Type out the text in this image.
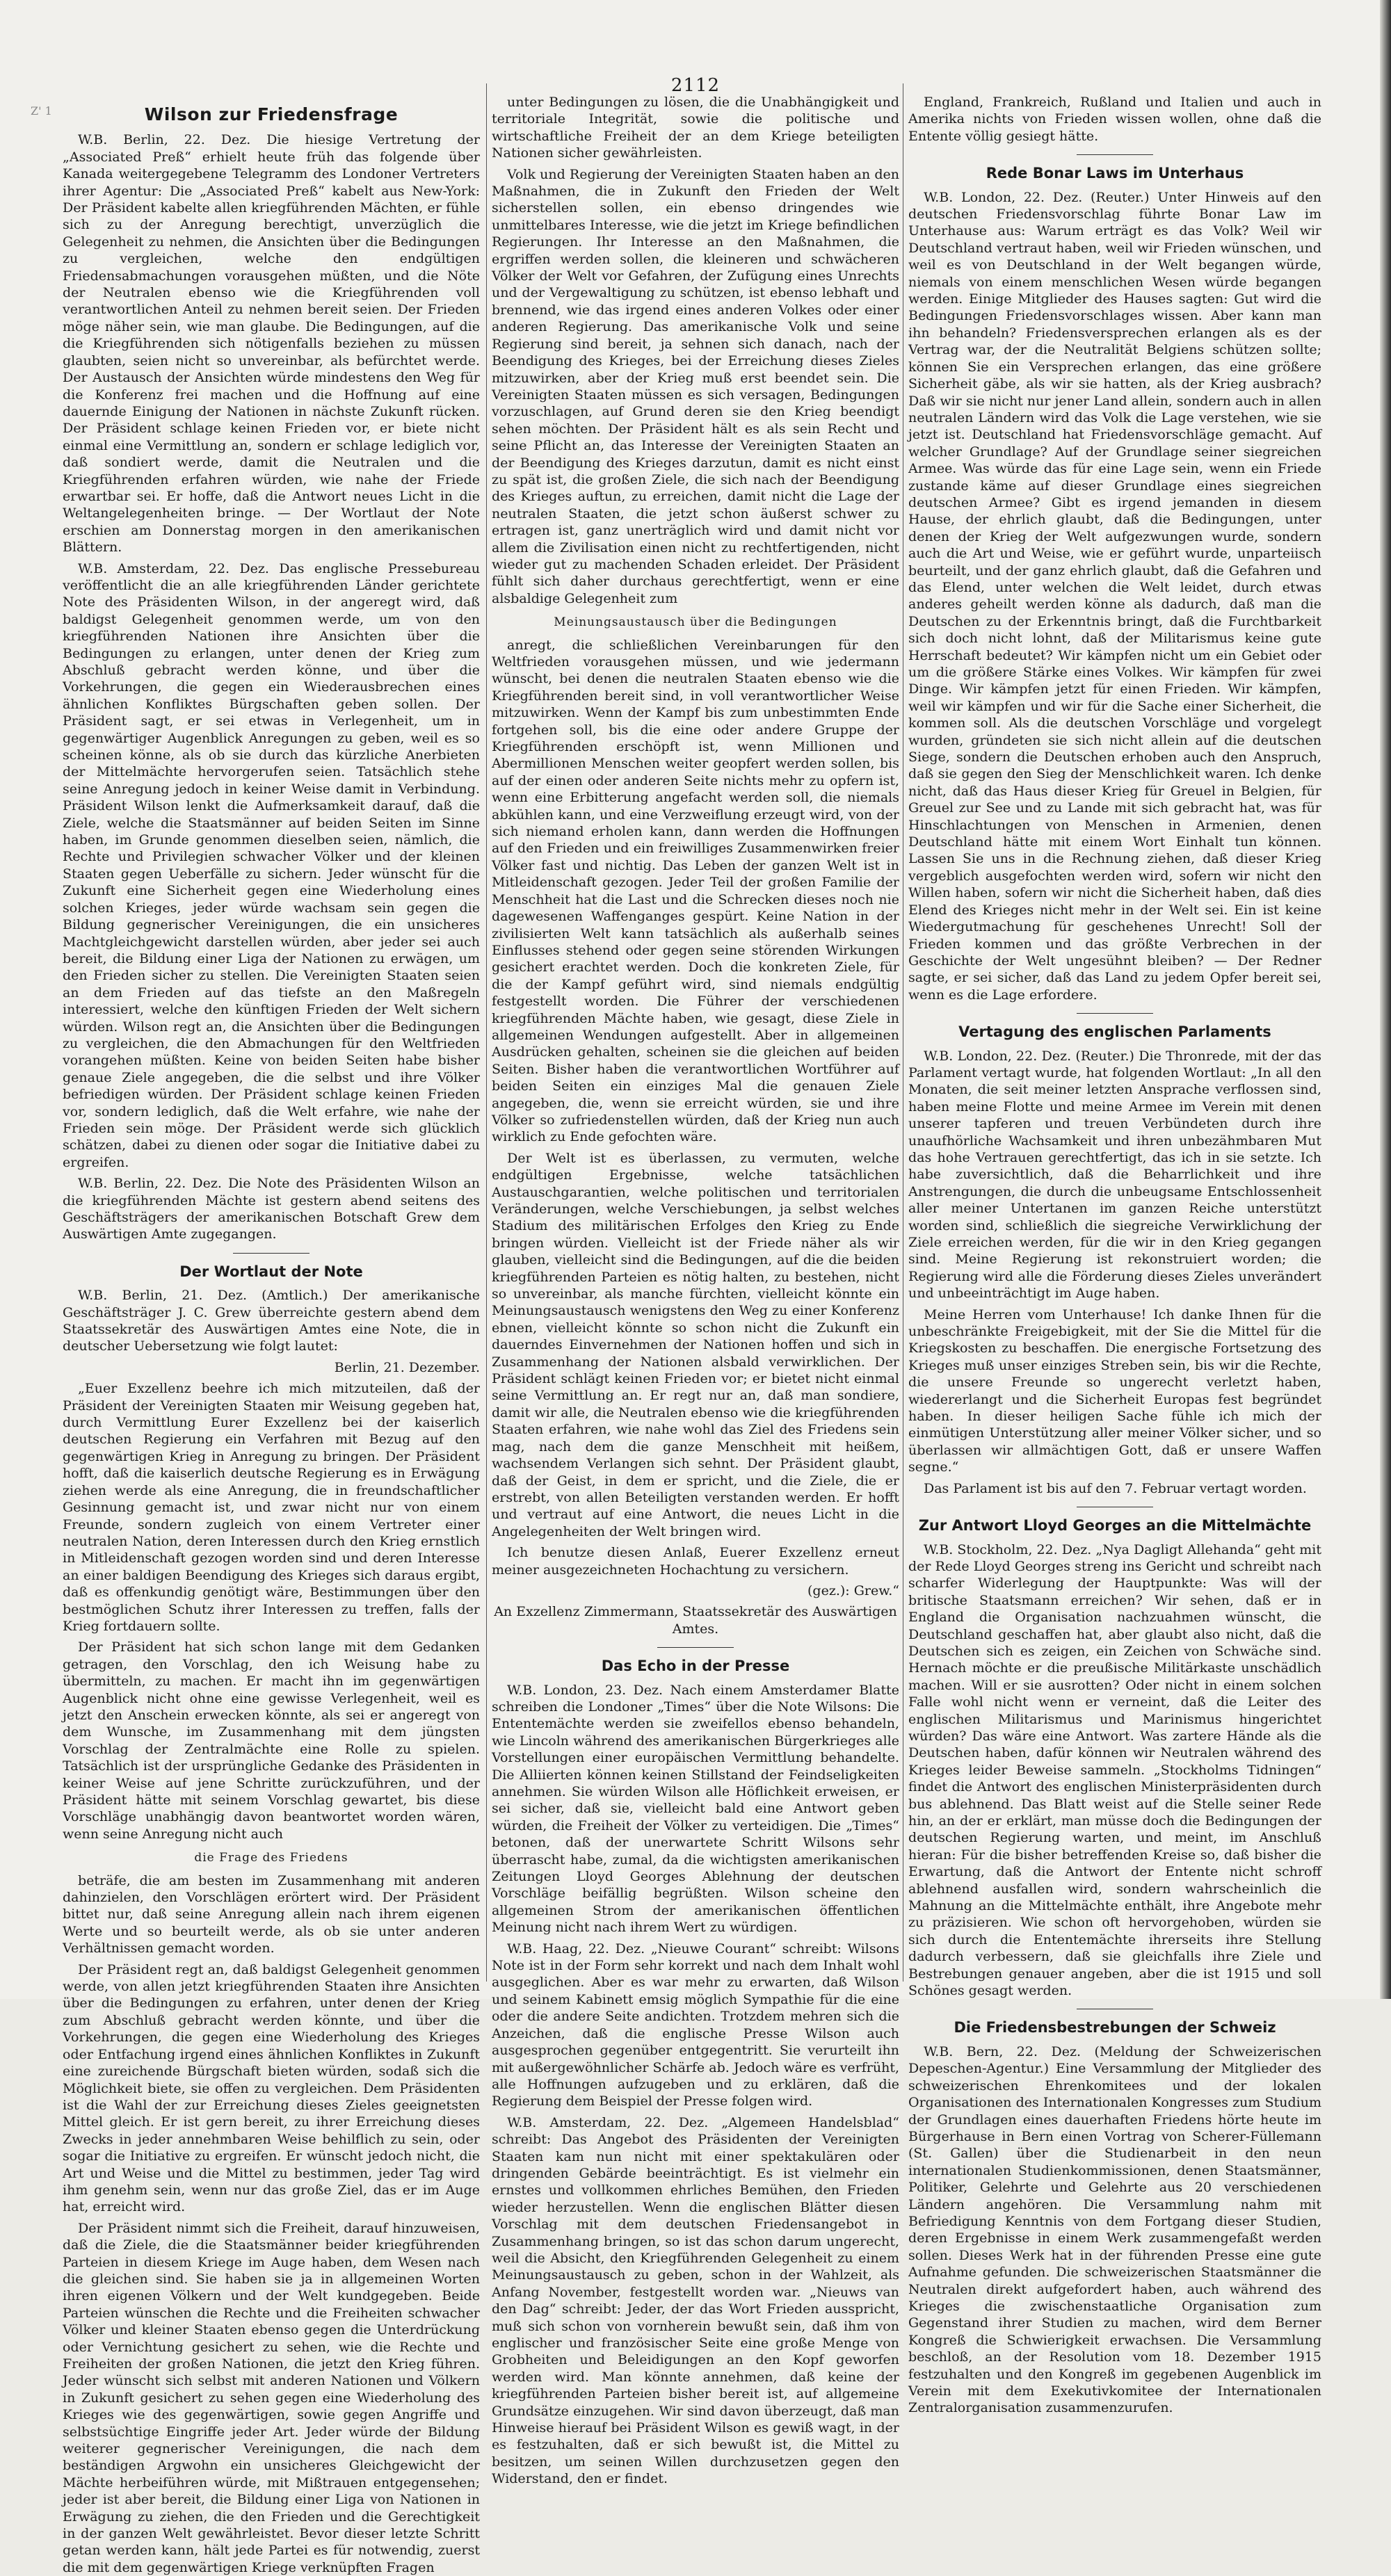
Z' 1
2112
Wilson zur Friedensfrage

W.B. Berlin, 22. Dez. Die hiesige Vertretung der „Associated Preß“ erhielt heute früh das folgende über Kanada weitergegebene Telegramm des Londoner Vertreters ihrer Agentur: Die „Associated Preß“ kabelt aus New-York: Der Präsident kabelte allen kriegführenden Mächten, er fühle sich zu der Anregung berechtigt, unverzüglich die Gelegenheit zu nehmen, die Ansichten über die Bedingungen zu vergleichen, welche den endgültigen Friedensabmachungen vorausgehen müßten, und die Nöte der Neutralen ebenso wie die Kriegführenden voll verantwortlichen Anteil zu nehmen bereit seien. Der Frieden möge näher sein, wie man glaube. Die Bedingungen, auf die die Kriegführenden sich nötigenfalls beziehen zu müssen glaubten, seien nicht so unvereinbar, als befürchtet werde. Der Austausch der Ansichten würde mindestens den Weg für die Konferenz frei machen und die Hoffnung auf eine dauernde Einigung der Nationen in nächste Zukunft rücken. Der Präsident schlage keinen Frieden vor, er biete nicht einmal eine Vermittlung an, sondern er schlage lediglich vor, daß sondiert werde, damit die Neutralen und die Kriegführenden erfahren würden, wie nahe der Friede erwartbar sei. Er hoffe, daß die Antwort neues Licht in die Weltangelegenheiten bringe. — Der Wortlaut der Note erschien am Donnerstag morgen in den amerikanischen Blättern.

W.B. Amsterdam, 22. Dez. Das englische Pressebureau veröffentlicht die an alle kriegführenden Länder gerichtete Note des Präsidenten Wilson, in der angeregt wird, daß baldigst Gelegenheit genommen werde, um von den kriegführenden Nationen ihre Ansichten über die Bedingungen zu erlangen, unter denen der Krieg zum Abschluß gebracht werden könne, und über die Vorkehrungen, die gegen ein Wiederausbrechen eines ähnlichen Konfliktes Bürgschaften geben sollen. Der Präsident sagt, er sei etwas in Verlegenheit, um in gegenwärtiger Augenblick Anregungen zu geben, weil es so scheinen könne, als ob sie durch das kürzliche Anerbieten der Mittelmächte hervorgerufen seien. Tatsächlich stehe seine Anregung jedoch in keiner Weise damit in Verbindung. Präsident Wilson lenkt die Aufmerksamkeit darauf, daß die Ziele, welche die Staatsmänner auf beiden Seiten im Sinne haben, im Grunde genommen dieselben seien, nämlich, die Rechte und Privilegien schwacher Völker und der kleinen Staaten gegen Ueberfälle zu sichern. Jeder wünscht für die Zukunft eine Sicherheit gegen eine Wiederholung eines solchen Krieges, jeder würde wachsam sein gegen die Bildung gegnerischer Vereinigungen, die ein unsicheres Machtgleichgewicht darstellen würden, aber jeder sei auch bereit, die Bildung einer Liga der Nationen zu erwägen, um den Frieden sicher zu stellen. Die Vereinigten Staaten seien an dem Frieden auf das tiefste an den Maßregeln interessiert, welche den künftigen Frieden der Welt sichern würden. Wilson regt an, die Ansichten über die Bedingungen zu vergleichen, die den Abmachungen für den Weltfrieden vorangehen müßten. Keine von beiden Seiten habe bisher genaue Ziele angegeben, die die selbst und ihre Völker befriedigen würden. Der Präsident schlage keinen Frieden vor, sondern lediglich, daß die Welt erfahre, wie nahe der Frieden sein möge. Der Präsident werde sich glücklich schätzen, dabei zu dienen oder sogar die Initiative dabei zu ergreifen.

W.B. Berlin, 22. Dez. Die Note des Präsidenten Wilson an die kriegführenden Mächte ist gestern abend seitens des Geschäftsträgers der amerikanischen Botschaft Grew dem Auswärtigen Amte zugegangen.

Der Wortlaut der Note

W.B. Berlin, 21. Dez. (Amtlich.) Der amerikanische Geschäftsträger J. C. Grew überreichte gestern abend dem Staatssekretär des Auswärtigen Amtes eine Note, die in deutscher Uebersetzung wie folgt lautet:

Berlin, 21. Dezember.

„Euer Exzellenz beehre ich mich mitzuteilen, daß der Präsident der Vereinigten Staaten mir Weisung gegeben hat, durch Vermittlung Eurer Exzellenz bei der kaiserlich deutschen Regierung ein Verfahren mit Bezug auf den gegenwärtigen Krieg in Anregung zu bringen. Der Präsident hofft, daß die kaiserlich deutsche Regierung es in Erwägung ziehen werde als eine Anregung, die in freundschaftlicher Gesinnung gemacht ist, und zwar nicht nur von einem Freunde, sondern zugleich von einem Vertreter einer neutralen Nation, deren Interessen durch den Krieg ernstlich in Mitleidenschaft gezogen worden sind und deren Interesse an einer baldigen Beendigung des Krieges sich daraus ergibt, daß es offenkundig genötigt wäre, Bestimmungen über den bestmöglichen Schutz ihrer Interessen zu treffen, falls der Krieg fortdauern sollte.

Der Präsident hat sich schon lange mit dem Gedanken getragen, den Vorschlag, den ich Weisung habe zu übermitteln, zu machen. Er macht ihn im gegenwärtigen Augenblick nicht ohne eine gewisse Verlegenheit, weil es jetzt den Anschein erwecken könnte, als sei er angeregt von dem Wunsche, im Zusammenhang mit dem jüngsten Vorschlag der Zentralmächte eine Rolle zu spielen. Tatsächlich ist der ursprüngliche Gedanke des Präsidenten in keiner Weise auf jene Schritte zurückzuführen, und der Präsident hätte mit seinem Vorschlag gewartet, bis diese Vorschläge unabhängig davon beantwortet worden wären, wenn seine Anregung nicht auch

die Frage des Friedens

beträfe, die am besten im Zusammenhang mit anderen dahinzielen, den Vorschlägen erörtert wird. Der Präsident bittet nur, daß seine Anregung allein nach ihrem eigenen Werte und so beurteilt werde, als ob sie unter anderen Verhältnissen gemacht worden.

Der Präsident regt an, daß baldigst Gelegenheit genommen werde, von allen jetzt kriegführenden Staaten ihre Ansichten über die Bedingungen zu erfahren, unter denen der Krieg zum Abschluß gebracht werden könnte, und über die Vorkehrungen, die gegen eine Wiederholung des Krieges oder Entfachung irgend eines ähnlichen Konfliktes in Zukunft eine zureichende Bürgschaft bieten würden, sodaß sich die Möglichkeit biete, sie offen zu vergleichen. Dem Präsidenten ist die Wahl der zur Erreichung dieses Zieles geeignetsten Mittel gleich. Er ist gern bereit, zu ihrer Erreichung dieses Zwecks in jeder annehmbaren Weise behilflich zu sein, oder sogar die Initiative zu ergreifen. Er wünscht jedoch nicht, die Art und Weise und die Mittel zu bestimmen, jeder Tag wird ihm genehm sein, wenn nur das große Ziel, das er im Auge hat, erreicht wird.

Der Präsident nimmt sich die Freiheit, darauf hinzuweisen, daß die Ziele, die die Staatsmänner beider kriegführenden Parteien in diesem Kriege im Auge haben, dem Wesen nach die gleichen sind. Sie haben sie ja in allgemeinen Worten ihren eigenen Völkern und der Welt kundgegeben. Beide Parteien wünschen die Rechte und die Freiheiten schwacher Völker und kleiner Staaten ebenso gegen die Unterdrückung oder Vernichtung gesichert zu sehen, wie die Rechte und Freiheiten der großen Nationen, die jetzt den Krieg führen. Jeder wünscht sich selbst mit anderen Nationen und Völkern in Zukunft gesichert zu sehen gegen eine Wiederholung des Krieges wie des gegenwärtigen, sowie gegen Angriffe und selbstsüchtige Eingriffe jeder Art. Jeder würde der Bildung weiterer gegnerischer Vereinigungen, die nach dem beständigen Argwohn ein unsicheres Gleichgewicht der Mächte herbeiführen würde, mit Mißtrauen entgegensehen; jeder ist aber bereit, die Bildung einer Liga von Nationen in Erwägung zu ziehen, die den Frieden und die Gerechtigkeit in der ganzen Welt gewährleistet. Bevor dieser letzte Schritt getan werden kann, hält jede Partei es für notwendig, zuerst die mit dem gegenwärtigen Kriege verknüpften Fragen

unter Bedingungen zu lösen, die die Unabhängigkeit und territoriale Integrität, sowie die politische und wirtschaftliche Freiheit der an dem Kriege beteiligten Nationen sicher gewährleisten.

Volk und Regierung der Vereinigten Staaten haben an den Maßnahmen, die in Zukunft den Frieden der Welt sicherstellen sollen, ein ebenso dringendes wie unmittelbares Interesse, wie die jetzt im Kriege befindlichen Regierungen. Ihr Interesse an den Maßnahmen, die ergriffen werden sollen, die kleineren und schwächeren Völker der Welt vor Gefahren, der Zufügung eines Unrechts und der Vergewaltigung zu schützen, ist ebenso lebhaft und brennend, wie das irgend eines anderen Volkes oder einer anderen Regierung. Das amerikanische Volk und seine Regierung sind bereit, ja sehnen sich danach, nach der Beendigung des Krieges, bei der Erreichung dieses Zieles mitzuwirken, aber der Krieg muß erst beendet sein. Die Vereinigten Staaten müssen es sich versagen, Bedingungen vorzuschlagen, auf Grund deren sie den Krieg beendigt sehen möchten. Der Präsident hält es als sein Recht und seine Pflicht an, das Interesse der Vereinigten Staaten an der Beendigung des Krieges darzutun, damit es nicht einst zu spät ist, die großen Ziele, die sich nach der Beendigung des Krieges auftun, zu erreichen, damit nicht die Lage der neutralen Staaten, die jetzt schon äußerst schwer zu ertragen ist, ganz unerträglich wird und damit nicht vor allem die Zivilisation einen nicht zu rechtfertigenden, nicht wieder gut zu machenden Schaden erleidet. Der Präsident fühlt sich daher durchaus gerechtfertigt, wenn er eine alsbaldige Gelegenheit zum

Meinungsaustausch über die Bedingungen

anregt, die schließlichen Vereinbarungen für den Weltfrieden vorausgehen müssen, und wie jedermann wünscht, bei denen die neutralen Staaten ebenso wie die Kriegführenden bereit sind, in voll verantwortlicher Weise mitzuwirken. Wenn der Kampf bis zum unbestimmten Ende fortgehen soll, bis die eine oder andere Gruppe der Kriegführenden erschöpft ist, wenn Millionen und Abermillionen Menschen weiter geopfert werden sollen, bis auf der einen oder anderen Seite nichts mehr zu opfern ist, wenn eine Erbitterung angefacht werden soll, die niemals abkühlen kann, und eine Verzweiflung erzeugt wird, von der sich niemand erholen kann, dann werden die Hoffnungen auf den Frieden und ein freiwilliges Zusammenwirken freier Völker fast und nichtig. Das Leben der ganzen Welt ist in Mitleidenschaft gezogen. Jeder Teil der großen Familie der Menschheit hat die Last und die Schrecken dieses noch nie dagewesenen Waffenganges gespürt. Keine Nation in der zivilisierten Welt kann tatsächlich als außerhalb seines Einflusses stehend oder gegen seine störenden Wirkungen gesichert erachtet werden. Doch die konkreten Ziele, für die der Kampf geführt wird, sind niemals endgültig festgestellt worden. Die Führer der verschiedenen kriegführenden Mächte haben, wie gesagt, diese Ziele in allgemeinen Wendungen aufgestellt. Aber in allgemeinen Ausdrücken gehalten, scheinen sie die gleichen auf beiden Seiten. Bisher haben die verantwortlichen Wortführer auf beiden Seiten ein einziges Mal die genauen Ziele angegeben, die, wenn sie erreicht würden, sie und ihre Völker so zufriedenstellen würden, daß der Krieg nun auch wirklich zu Ende gefochten wäre.

Der Welt ist es überlassen, zu vermuten, welche endgültigen Ergebnisse, welche tatsächlichen Austauschgarantien, welche politischen und territorialen Veränderungen, welche Verschiebungen, ja selbst welches Stadium des militärischen Erfolges den Krieg zu Ende bringen würden. Vielleicht ist der Friede näher als wir glauben, vielleicht sind die Bedingungen, auf die die beiden kriegführenden Parteien es nötig halten, zu bestehen, nicht so unvereinbar, als manche fürchten, vielleicht könnte ein Meinungsaustausch wenigstens den Weg zu einer Konferenz ebnen, vielleicht könnte so schon nicht die Zukunft ein dauerndes Einvernehmen der Nationen hoffen und sich in Zusammenhang der Nationen alsbald verwirklichen. Der Präsident schlägt keinen Frieden vor; er bietet nicht einmal seine Vermittlung an. Er regt nur an, daß man sondiere, damit wir alle, die Neutralen ebenso wie die kriegführenden Staaten erfahren, wie nahe wohl das Ziel des Friedens sein mag, nach dem die ganze Menschheit mit heißem, wachsendem Verlangen sich sehnt. Der Präsident glaubt, daß der Geist, in dem er spricht, und die Ziele, die er erstrebt, von allen Beteiligten verstanden werden. Er hofft und vertraut auf eine Antwort, die neues Licht in die Angelegenheiten der Welt bringen wird.

Ich benutze diesen Anlaß, Euerer Exzellenz erneut meiner ausgezeichneten Hochachtung zu versichern.

(gez.): Grew.“

An Exzellenz Zimmermann, Staatssekretär des Auswärtigen Amtes.

Das Echo in der Presse

W.B. London, 23. Dez. Nach einem Amsterdamer Blatte schreiben die Londoner „Times“ über die Note Wilsons: Die Ententemächte werden sie zweifellos ebenso behandeln, wie Lincoln während des amerikanischen Bürgerkrieges alle Vorstellungen einer europäischen Vermittlung behandelte. Die Alliierten können keinen Stillstand der Feindseligkeiten annehmen. Sie würden Wilson alle Höflichkeit erweisen, er sei sicher, daß sie, vielleicht bald eine Antwort geben würden, die Freiheit der Völker zu verteidigen. Die „Times“ betonen, daß der unerwartete Schritt Wilsons sehr überrascht habe, zumal, da die wichtigsten amerikanischen Zeitungen Lloyd Georges Ablehnung der deutschen Vorschläge beifällig begrüßten. Wilson scheine den allgemeinen Strom der amerikanischen öffentlichen Meinung nicht nach ihrem Wert zu würdigen.

W.B. Haag, 22. Dez. „Nieuwe Courant“ schreibt: Wilsons Note ist in der Form sehr korrekt und nach dem Inhalt wohl ausgeglichen. Aber es war mehr zu erwarten, daß Wilson und seinem Kabinett emsig möglich Sympathie für die eine oder die andere Seite andichten. Trotzdem mehren sich die Anzeichen, daß die englische Presse Wilson auch ausgesprochen gegenüber entgegentritt. Sie verurteilt ihn mit außergewöhnlicher Schärfe ab. Jedoch wäre es verfrüht, alle Hoffnungen aufzugeben und zu erklären, daß die Regierung dem Beispiel der Presse folgen wird.

W.B. Amsterdam, 22. Dez. „Algemeen Handelsblad“ schreibt: Das Angebot des Präsidenten der Vereinigten Staaten kam nun nicht mit einer spektakulären oder dringenden Gebärde beeinträchtigt. Es ist vielmehr ein ernstes und vollkommen ehrliches Bemühen, den Frieden wieder herzustellen. Wenn die englischen Blätter diesen Vorschlag mit dem deutschen Friedensangebot in Zusammenhang bringen, so ist das schon darum ungerecht, weil die Absicht, den Kriegführenden Gelegenheit zu einem Meinungsaustausch zu geben, schon in der Wahlzeit, als Anfang November, festgestellt worden war. „Nieuws van den Dag“ schreibt: Jeder, der das Wort Frieden ausspricht, muß sich schon von vornherein bewußt sein, daß ihm von englischer und französischer Seite eine große Menge von Grobheiten und Beleidigungen an den Kopf geworfen werden wird. Man könnte annehmen, daß keine der kriegführenden Parteien bisher bereit ist, auf allgemeine Grundsätze einzugehen. Wir sind davon überzeugt, daß man Hinweise hierauf bei Präsident Wilson es gewiß wagt, in der es festzuhalten, daß er sich bewußt ist, die Mittel zu besitzen, um seinen Willen durchzusetzen gegen den Widerstand, den er findet.

England, Frankreich, Rußland und Italien und auch in Amerika nichts von Frieden wissen wollen, ohne daß die Entente völlig gesiegt hätte.

Rede Bonar Laws im Unterhaus

W.B. London, 22. Dez. (Reuter.) Unter Hinweis auf den deutschen Friedensvorschlag führte Bonar Law im Unterhause aus: Warum erträgt es das Volk? Weil wir Deutschland vertraut haben, weil wir Frieden wünschen, und weil es von Deutschland in der Welt begangen würde, niemals von einem menschlichen Wesen würde begangen werden. Einige Mitglieder des Hauses sagten: Gut wird die Bedingungen Friedensvorschlages wissen. Aber kann man ihn behandeln? Friedensversprechen erlangen als es der Vertrag war, der die Neutralität Belgiens schützen sollte; können Sie ein Versprechen erlangen, das eine größere Sicherheit gäbe, als wir sie hatten, als der Krieg ausbrach? Daß wir sie nicht nur jener Land allein, sondern auch in allen neutralen Ländern wird das Volk die Lage verstehen, wie sie jetzt ist. Deutschland hat Friedensvorschläge gemacht. Auf welcher Grundlage? Auf der Grundlage seiner siegreichen Armee. Was würde das für eine Lage sein, wenn ein Friede zustande käme auf dieser Grundlage eines siegreichen deutschen Armee? Gibt es irgend jemanden in diesem Hause, der ehrlich glaubt, daß die Bedingungen, unter denen der Krieg der Welt aufgezwungen wurde, sondern auch die Art und Weise, wie er geführt wurde, unparteiisch beurteilt, und der ganz ehrlich glaubt, daß die Gefahren und das Elend, unter welchen die Welt leidet, durch etwas anderes geheilt werden könne als dadurch, daß man die Deutschen zu der Erkenntnis bringt, daß die Furchtbarkeit sich doch nicht lohnt, daß der Militarismus keine gute Herrschaft bedeutet? Wir kämpfen nicht um ein Gebiet oder um die größere Stärke eines Volkes. Wir kämpfen für zwei Dinge. Wir kämpfen jetzt für einen Frieden. Wir kämpfen, weil wir kämpfen und wir für die Sache einer Sicherheit, die kommen soll. Als die deutschen Vorschläge und vorgelegt wurden, gründeten sie sich nicht allein auf die deutschen Siege, sondern die Deutschen erhoben auch den Anspruch, daß sie gegen den Sieg der Menschlichkeit waren. Ich denke nicht, daß das Haus dieser Krieg für Greuel in Belgien, für Greuel zur See und zu Lande mit sich gebracht hat, was für Hinschlachtungen von Menschen in Armenien, denen Deutschland hätte mit einem Wort Einhalt tun können. Lassen Sie uns in die Rechnung ziehen, daß dieser Krieg vergeblich ausgefochten werden wird, sofern wir nicht den Willen haben, sofern wir nicht die Sicherheit haben, daß dies Elend des Krieges nicht mehr in der Welt sei. Ein ist keine Wiedergutmachung für geschehenes Unrecht! Soll der Frieden kommen und das größte Verbrechen in der Geschichte der Welt ungesühnt bleiben? — Der Redner sagte, er sei sicher, daß das Land zu jedem Opfer bereit sei, wenn es die Lage erfordere.

Vertagung des englischen Parlaments

W.B. London, 22. Dez. (Reuter.) Die Thronrede, mit der das Parlament vertagt wurde, hat folgenden Wortlaut: „In all den Monaten, die seit meiner letzten Ansprache verflossen sind, haben meine Flotte und meine Armee im Verein mit denen unserer tapferen und treuen Verbündeten durch ihre unaufhörliche Wachsamkeit und ihren unbezähmbaren Mut das hohe Vertrauen gerechtfertigt, das ich in sie setzte. Ich habe zuversichtlich, daß die Beharrlichkeit und ihre Anstrengungen, die durch die unbeugsame Entschlossenheit aller meiner Untertanen im ganzen Reiche unterstützt worden sind, schließlich die siegreiche Verwirklichung der Ziele erreichen werden, für die wir in den Krieg gegangen sind. Meine Regierung ist rekonstruiert worden; die Regierung wird alle die Förderung dieses Zieles unverändert und unbeeinträchtigt im Auge haben.

Meine Herren vom Unterhause! Ich danke Ihnen für die unbeschränkte Freigebigkeit, mit der Sie die Mittel für die Kriegskosten zu beschaffen. Die energische Fortsetzung des Krieges muß unser einziges Streben sein, bis wir die Rechte, die unsere Freunde so ungerecht verletzt haben, wiedererlangt und die Sicherheit Europas fest begründet haben. In dieser heiligen Sache fühle ich mich der einmütigen Unterstützung aller meiner Völker sicher, und so überlassen wir allmächtigen Gott, daß er unsere Waffen segne.“

Das Parlament ist bis auf den 7. Februar vertagt worden.

Zur Antwort Lloyd Georges an die Mittelmächte

W.B. Stockholm, 22. Dez. „Nya Dagligt Allehanda“ geht mit der Rede Lloyd Georges streng ins Gericht und schreibt nach scharfer Widerlegung der Hauptpunkte: Was will der britische Staatsmann erreichen? Wir sehen, daß er in England die Organisation nachzuahmen wünscht, die Deutschland geschaffen hat, aber glaubt also nicht, daß die Deutschen sich es zeigen, ein Zeichen von Schwäche sind. Hernach möchte er die preußische Militärkaste unschädlich machen. Will er sie ausrotten? Oder nicht in einem solchen Falle wohl nicht wenn er verneint, daß die Leiter des englischen Militarismus und Marinismus hingerichtet würden? Das wäre eine Antwort. Was zartere Hände als die Deutschen haben, dafür können wir Neutralen während des Krieges leider Beweise sammeln. „Stockholms Tidningen“ findet die Antwort des englischen Ministerpräsidenten durch bus ablehnend. Das Blatt weist auf die Stelle seiner Rede hin, an der er erklärt, man müsse doch die Bedingungen der deutschen Regierung warten, und meint, im Anschluß hieran: Für die bisher betreffenden Kreise so, daß bisher die Erwartung, daß die Antwort der Entente nicht schroff ablehnend ausfallen wird, sondern wahrscheinlich die Mahnung an die Mittelmächte enthält, ihre Angebote mehr zu präzisieren. Wie schon oft hervorgehoben, würden sie sich durch die Ententemächte ihrerseits ihre Stellung dadurch verbessern, daß sie gleichfalls ihre Ziele und Bestrebungen genauer angeben, aber die ist 1915 und soll Schönes gesagt werden.

Die Friedensbestrebungen der Schweiz

W.B. Bern, 22. Dez. (Meldung der Schweizerischen Depeschen-Agentur.) Eine Versammlung der Mitglieder des schweizerischen Ehrenkomitees und der lokalen Organisationen des Internationalen Kongresses zum Studium der Grundlagen eines dauerhaften Friedens hörte heute im Bürgerhause in Bern einen Vortrag von Scherer-Füllemann (St. Gallen) über die Studienarbeit in den neun internationalen Studienkommissionen, denen Staatsmänner, Politiker, Gelehrte und Gelehrte aus 20 verschiedenen Ländern angehören. Die Versammlung nahm mit Befriedigung Kenntnis von dem Fortgang dieser Studien, deren Ergebnisse in einem Werk zusammengefaßt werden sollen. Dieses Werk hat in der führenden Presse eine gute Aufnahme gefunden. Die schweizerischen Staatsmänner die Neutralen direkt aufgefordert haben, auch während des Krieges die zwischenstaatliche Organisation zum Gegenstand ihrer Studien zu machen, wird dem Berner Kongreß die Schwierigkeit erwachsen. Die Versammlung beschloß, an der Resolution vom 18. Dezember 1915 festzuhalten und den Kongreß im gegebenen Augenblick im Verein mit dem Exekutivkomitee der Internationalen Zentralorganisation zusammenzurufen.
